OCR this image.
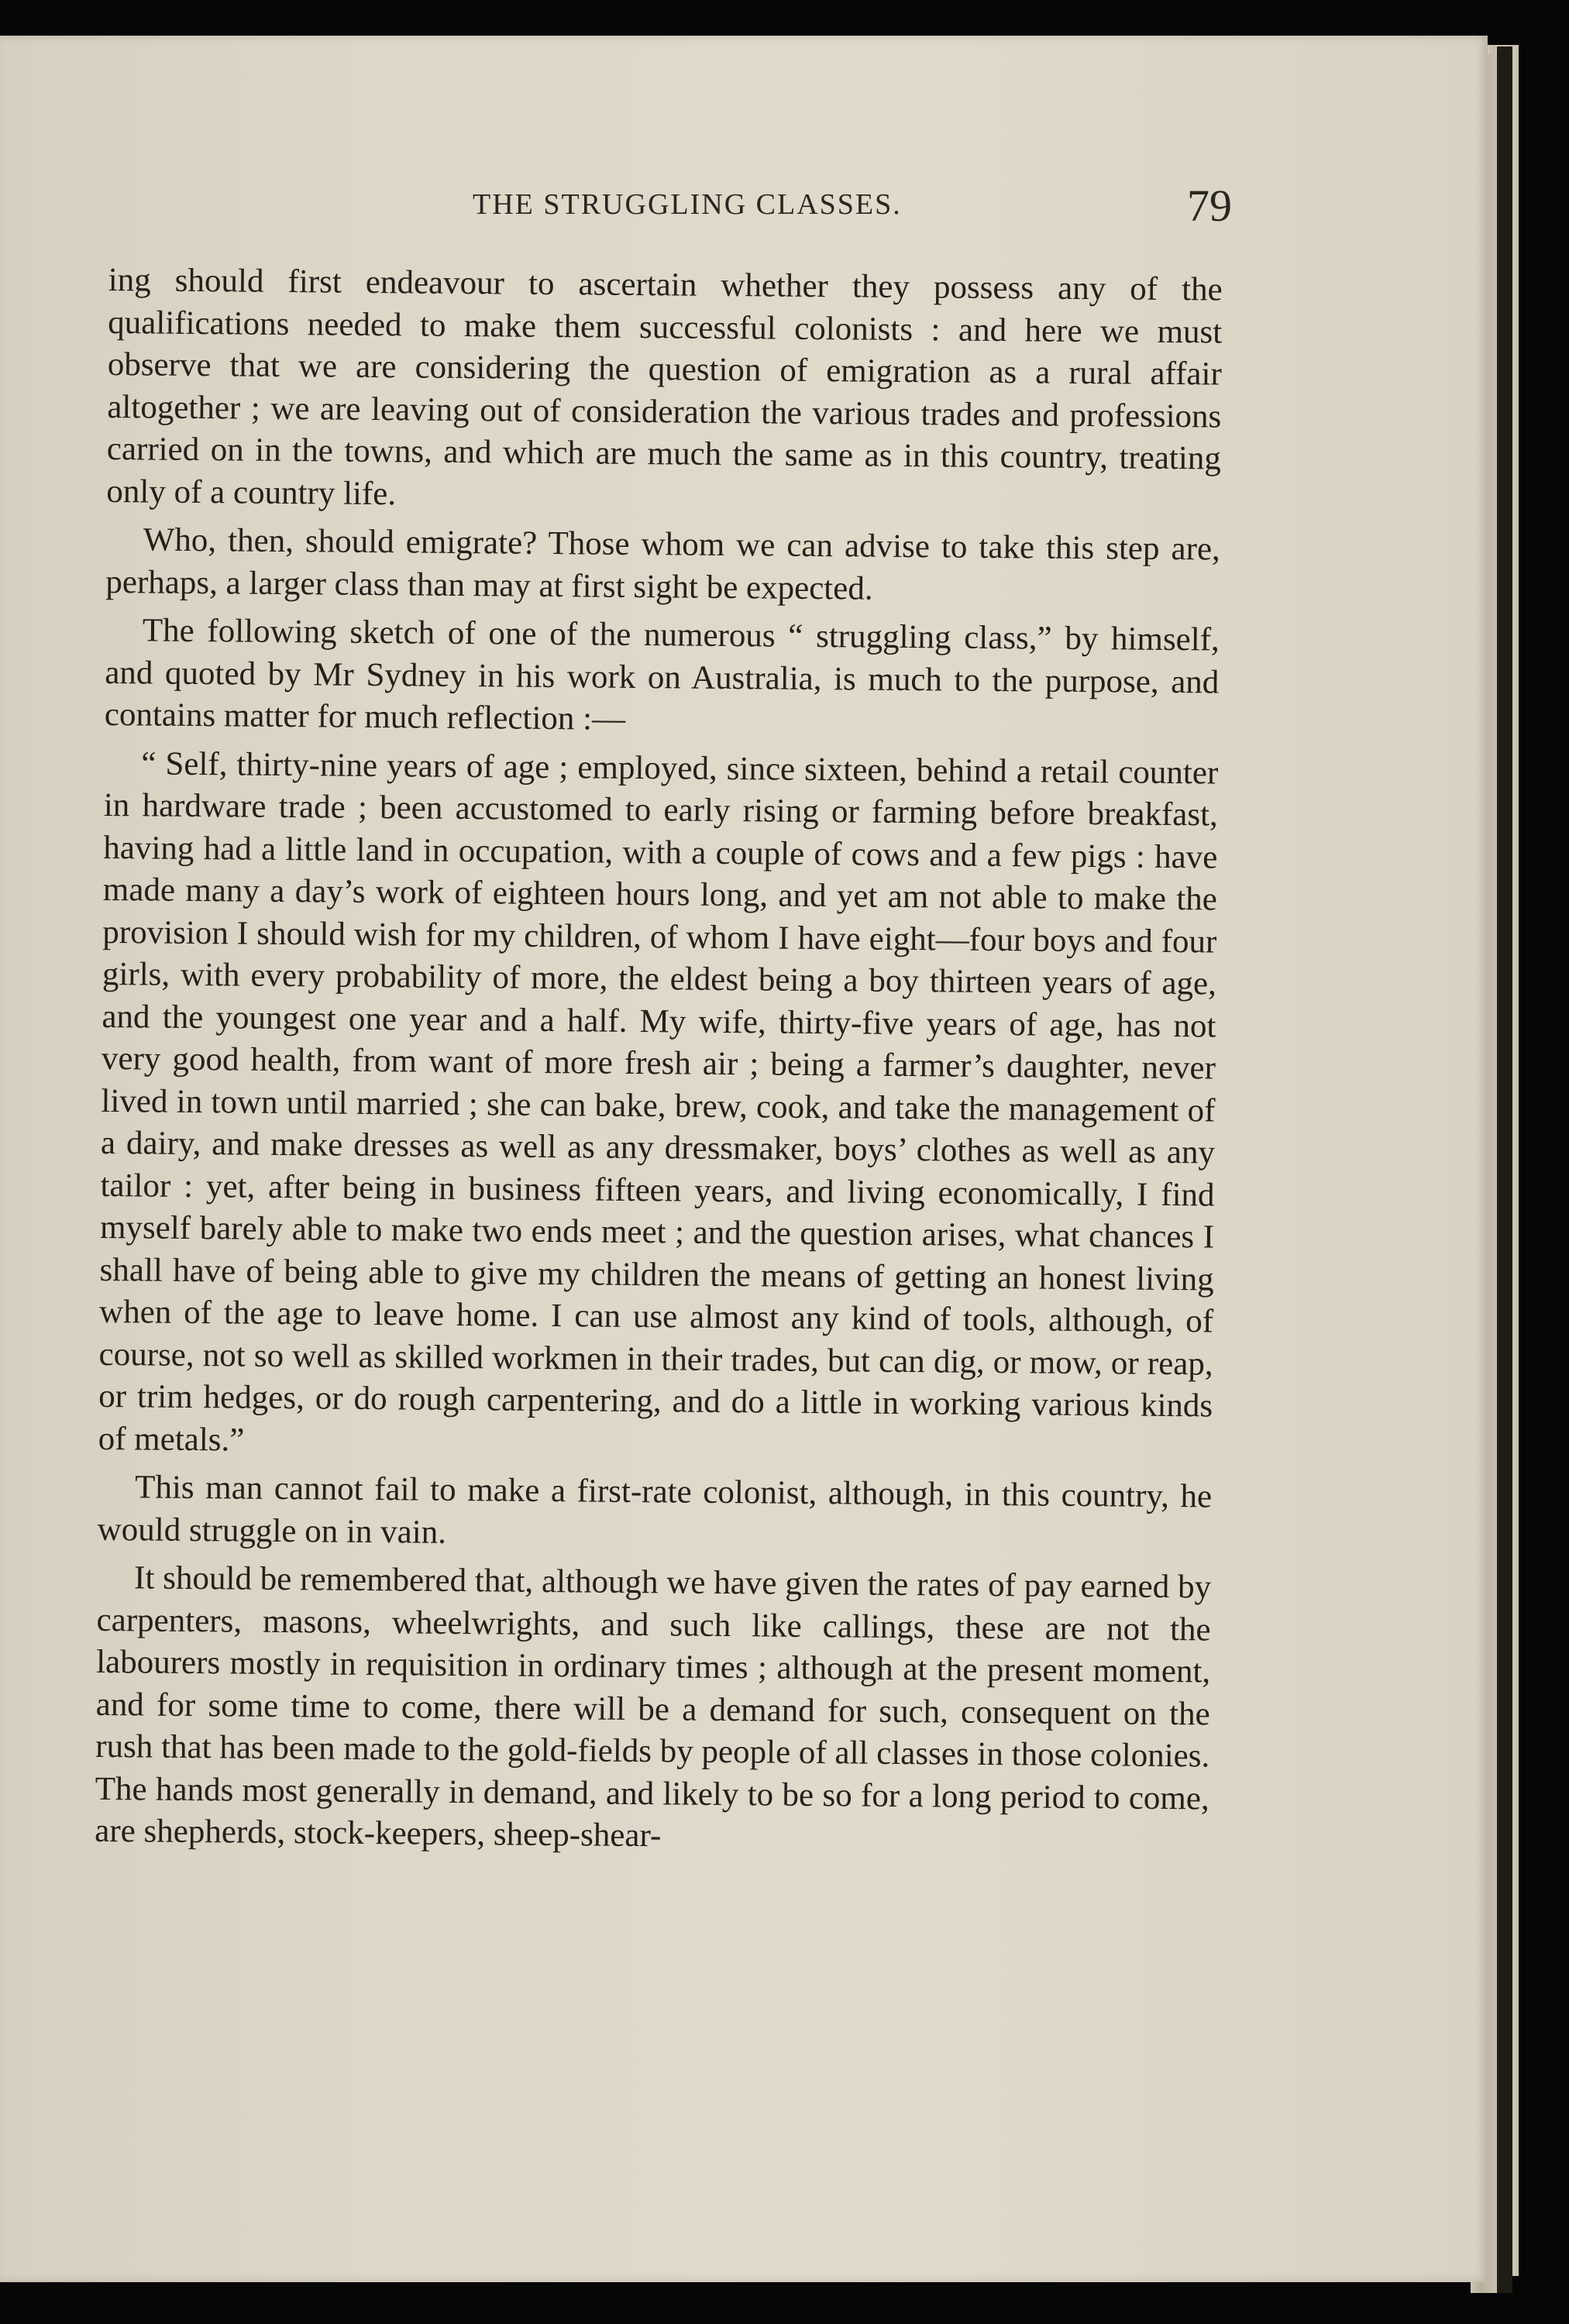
THE STRUGGLING CLASSES.	79

ing should first endeavour to ascertain whether they possess any of the qualifications needed to make them successful colonists : and here we must observe that we are considering the question of emigration as a rural affair altogether ; we are leaving out of consideration the various trades and professions carried on in the towns, and which are much the same as in this country, treating only of a country life.

Who, then, should emigrate? Those whom we can advise to take this step are, perhaps, a larger class than may at first sight be expected.

The following sketch of one of the numerous “ struggling class,” by himself, and quoted by Mr Sydney in his work on Australia, is much to the purpose, and contains matter for much reflection :—

“ Self, thirty-nine years of age ; employed, since sixteen, behind a retail counter in hardware trade ; been accustomed to early rising or farming before breakfast, having had a little land in occupation, with a couple of cows and a few pigs : have made many a day’s work of eighteen hours long, and yet am not able to make the provision I should wish for my children, of whom I have eight—four boys and four girls, with every probability of more, the eldest being a boy thirteen years of age, and the youngest one year and a half. My wife, thirty-five years of age, has not very good health, from want of more fresh air ; being a farmer’s daughter, never lived in town until married ; she can bake, brew, cook, and take the management of a dairy, and make dresses as well as any dressmaker, boys’ clothes as well as any tailor : yet, after being in business fifteen years, and living economically, I find myself barely able to make two ends meet ; and the question arises, what chances I shall have of being able to give my children the means of getting an honest living when of the age to leave home. I can use almost any kind of tools, although, of course, not so well as skilled workmen in their trades, but can dig, or mow, or reap, or trim hedges, or do rough carpentering, and do a little in working various kinds of metals.”

This man cannot fail to make a first-rate colonist, although, in this country, he would struggle on in vain.

It should be remembered that, although we have given the rates of pay earned by carpenters, masons, wheelwrights, and such like callings, these are not the labourers mostly in requisition in ordinary times ; although at the present moment, and for some time to come, there will be a demand for such, consequent on the rush that has been made to the gold-fields by people of all classes in those colonies. The hands most generally in demand, and likely to be so for a long period to come, are shepherds, stock-keepers, sheep-shear-
